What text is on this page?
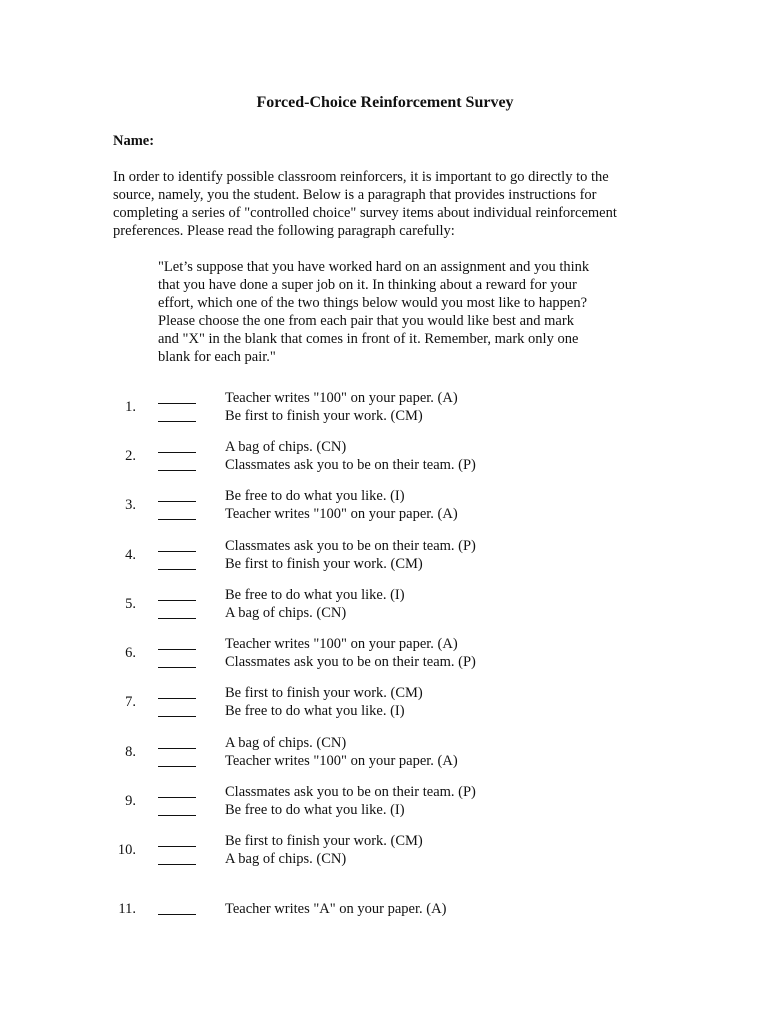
Forced-Choice Reinforcement Survey
Name:
In order to identify possible classroom reinforcers, it is important to go directly to the
source, namely, you the student. Below is a paragraph that provides instructions for
completing a series of "controlled choice" survey items about individual reinforcement
preferences. Please read the following paragraph carefully:
"Let’s suppose that you have worked hard on an assignment and you think
that you have done a super job on it. In thinking about a reward for your
effort, which one of the two things below would you most like to happen?
Please choose the one from each pair that you would like best and mark
and "X" in the blank that comes in front of it. Remember, mark only one
blank for each pair."
1.
Teacher writes "100" on your paper. (A)
Be first to finish your work. (CM)
2.
A bag of chips. (CN)
Classmates ask you to be on their team. (P)
3.
Be free to do what you like. (I)
Teacher writes "100" on your paper. (A)
4.
Classmates ask you to be on their team. (P)
Be first to finish your work. (CM)
5.
Be free to do what you like. (I)
A bag of chips. (CN)
6.
Teacher writes "100" on your paper. (A)
Classmates ask you to be on their team. (P)
7.
Be first to finish your work. (CM)
Be free to do what you like. (I)
8.
A bag of chips. (CN)
Teacher writes "100" on your paper. (A)
9.
Classmates ask you to be on their team. (P)
Be free to do what you like. (I)
10.
Be first to finish your work. (CM)
A bag of chips. (CN)
11.	Teacher writes "A" on your paper. (A)
